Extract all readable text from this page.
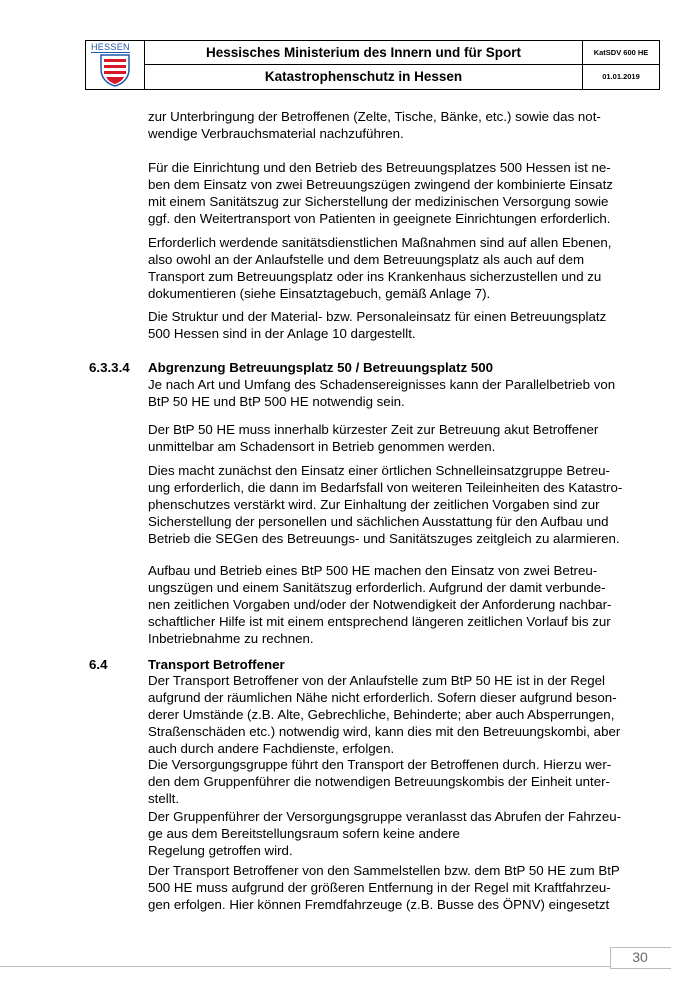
HESSEN	Hessisches Ministerium des Innern und für Sport	KatSDV 600 HE
Katastrophenschutz in Hessen	01.01.2019
zur Unterbringung der Betroffenen (Zelte, Tische, Bänke, etc.) sowie das not-
wendige Verbrauchsmaterial nachzuführen.
Für die Einrichtung und den Betrieb des Betreuungsplatzes 500 Hessen ist ne-
ben dem Einsatz von zwei Betreuungszügen zwingend der kombinierte Einsatz
mit einem Sanitätszug zur Sicherstellung der medizinischen Versorgung sowie
ggf. den Weitertransport von Patienten in geeignete Einrichtungen erforderlich.
Erforderlich werdende sanitätsdienstlichen Maßnahmen sind auf allen Ebenen,
also owohl an der Anlaufstelle und dem Betreuungsplatz als auch auf dem
Transport zum Betreuungsplatz oder ins Krankenhaus sicherzustellen und zu
dokumentieren (siehe Einsatztagebuch, gemäß Anlage 7).
Die Struktur und der Material- bzw. Personaleinsatz für einen Betreuungsplatz
500 Hessen sind in der Anlage 10 dargestellt.
6.3.3.4 Abgrenzung Betreuungsplatz 50 / Betreuungsplatz 500
Je nach Art und Umfang des Schadensereignisses kann der Parallelbetrieb von
BtP 50 HE und BtP 500 HE notwendig sein.
Der BtP 50 HE muss innerhalb kürzester Zeit zur Betreuung akut Betroffener
unmittelbar am Schadensort in Betrieb genommen werden.
Dies macht zunächst den Einsatz einer örtlichen Schnelleinsatzgruppe Betreu-
ung erforderlich, die dann im Bedarfsfall von weiteren Teileinheiten des Katastro-
phenschutzes verstärkt wird. Zur Einhaltung der zeitlichen Vorgaben sind zur
Sicherstellung der personellen und sächlichen Ausstattung für den Aufbau und
Betrieb die SEGen des Betreuungs- und Sanitätszuges zeitgleich zu alarmieren.
Aufbau und Betrieb eines BtP 500 HE machen den Einsatz von zwei Betreu-
ungszügen und einem Sanitätszug erforderlich. Aufgrund der damit verbunde-
nen zeitlichen Vorgaben und/oder der Notwendigkeit der Anforderung nachbar-
schaftlicher Hilfe ist mit einem entsprechend längeren zeitlichen Vorlauf bis zur
Inbetriebnahme zu rechnen.
6.4	Transport Betroffener
Der Transport Betroffener von der Anlaufstelle zum BtP 50 HE ist in der Regel
aufgrund der räumlichen Nähe nicht erforderlich. Sofern dieser aufgrund beson-
derer Umstände (z.B. Alte, Gebrechliche, Behinderte; aber auch Absperrungen,
Straßenschäden etc.) notwendig wird, kann dies mit den Betreuungskombi, aber
auch durch andere Fachdienste, erfolgen.
Die Versorgungsgruppe führt den Transport der Betroffenen durch. Hierzu wer-
den dem Gruppenführer die notwendigen Betreuungskombis der Einheit unter-
stellt.
Der Gruppenführer der Versorgungsgruppe veranlasst das Abrufen der Fahrzeu-
ge aus dem Bereitstellungsraum sofern keine andere
Regelung getroffen wird.
Der Transport Betroffener von den Sammelstellen bzw. dem BtP 50 HE zum BtP
500 HE muss aufgrund der größeren Entfernung in der Regel mit Kraftfahrzeu-
gen erfolgen. Hier können Fremdfahrzeuge (z.B. Busse des ÖPNV) eingesetzt
30
